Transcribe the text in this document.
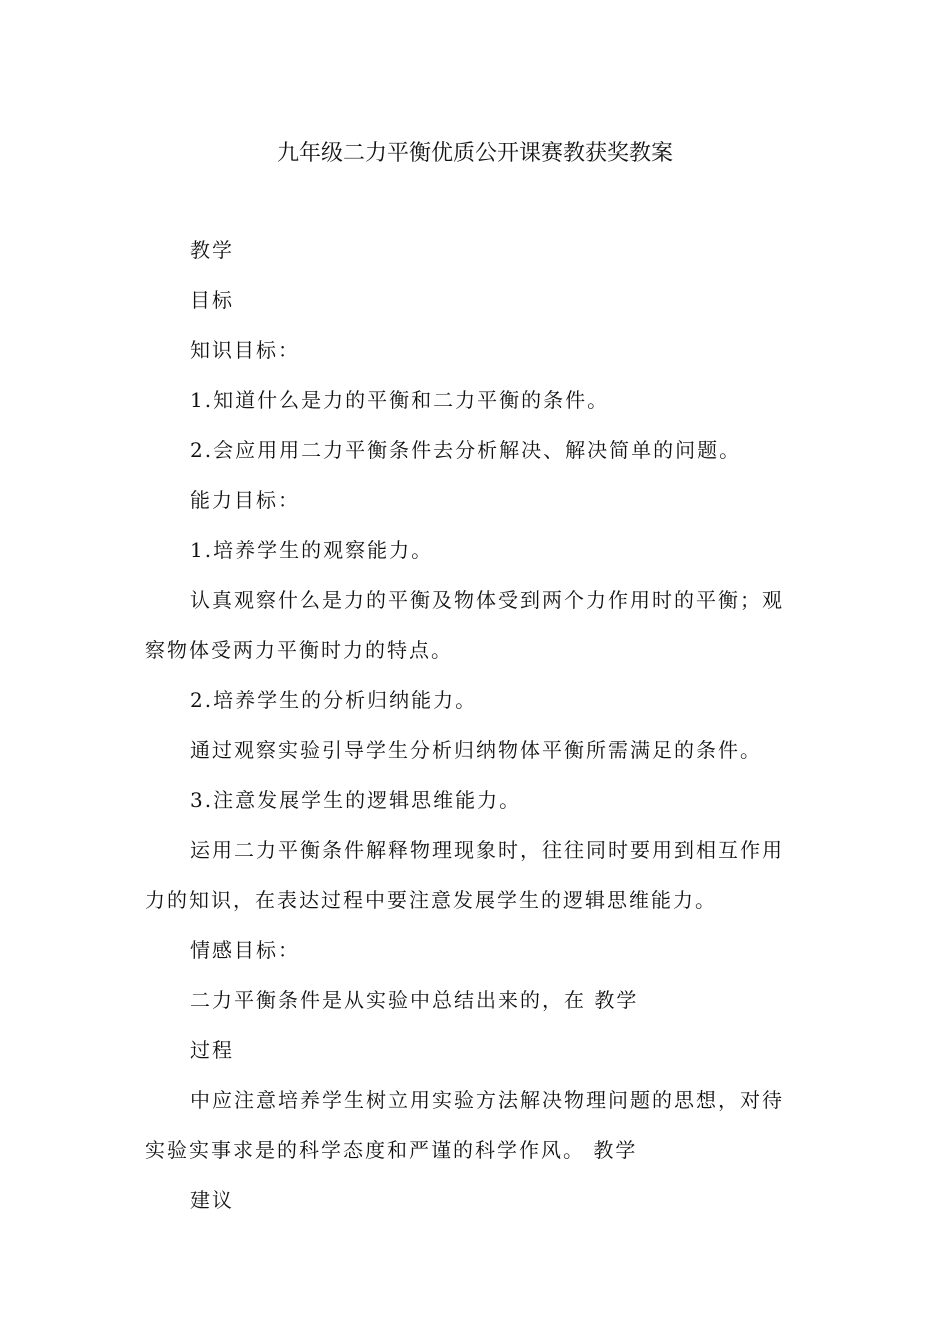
九年级二力平衡优质公开课赛教获奖教案
教学
目标
知识目标：
1.知道什么是力的平衡和二力平衡的条件。
2.会应用用二力平衡条件去分析解决、解决简单的问题。
能力目标：
1.培养学生的观察能力。
认真观察什么是力的平衡及物体受到两个力作用时的平衡；观
察物体受两力平衡时力的特点。
2.培养学生的分析归纳能力。
通过观察实验引导学生分析归纳物体平衡所需满足的条件。
3.注意发展学生的逻辑思维能力。
运用二力平衡条件解释物理现象时，往往同时要用到相互作用
力的知识，在表达过程中要注意发展学生的逻辑思维能力。
情感目标：
二力平衡条件是从实验中总结出来的，在 教学
过程
中应注意培养学生树立用实验方法解决物理问题的思想，对待
实验实事求是的科学态度和严谨的科学作风。 教学
建议
